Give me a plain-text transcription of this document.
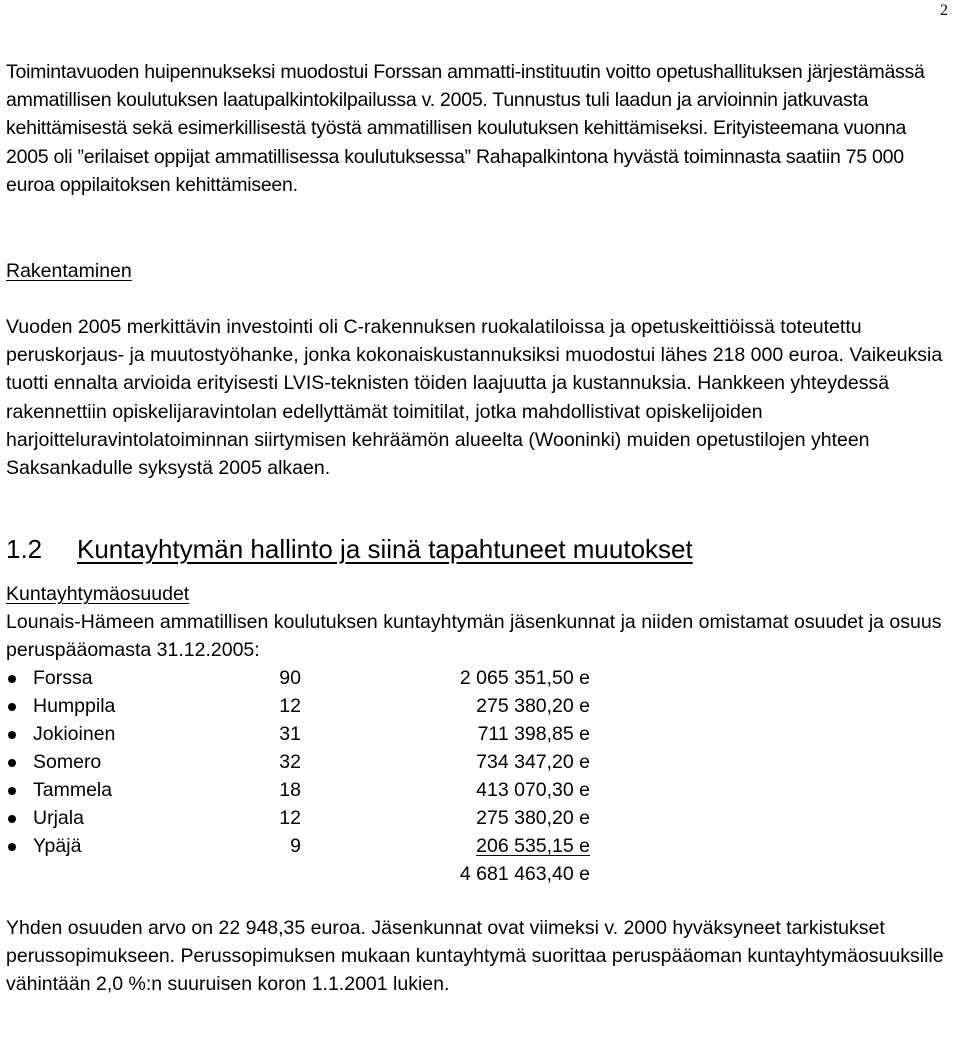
2

Toimintavuoden huipennukseksi muodostui Forssan ammatti-instituutin voitto opetushallituksen järjestämässä ammatillisen koulutuksen laatupalkintokilpailussa v. 2005. Tunnustus tuli laadun ja arvioinnin jatkuvasta kehittämisestä sekä esimerkillisestä työstä ammatillisen koulutuksen kehittämiseksi. Erityisteemana vuonna 2005 oli ”erilaiset oppijat ammatillisessa koulutuksessa” Rahapalkintona hyvästä toiminnasta saatiin 75 000 euroa oppilaitoksen kehittämiseen.

Rakentaminen

Vuoden 2005 merkittävin investointi oli C-rakennuksen ruokalatiloissa ja opetuskeittiöissä toteutettu peruskorjaus- ja muutostyöhanke, jonka kokonaiskustannuksiksi muodostui lähes 218 000 euroa. Vaikeuksia tuotti ennalta arvioida erityisesti LVIS-teknisten töiden laajuutta ja kustannuksia. Hankkeen yhteydessä rakennettiin opiskelijaravintolan edellyttämät toimitilat, jotka mahdollistivat opiskelijoiden harjoitteluravintolatoiminnan siirtymisen kehräämön alueelta (Wooninki) muiden opetustilojen yhteen Saksankadulle syksystä 2005 alkaen.

1.2	Kuntayhtymän hallinto ja siinä tapahtuneet muutokset
Kuntayhtymäosuudet

Lounais-Hämeen ammatillisen koulutuksen kuntayhtymän jäsenkunnat ja niiden omistamat osuudet ja osuus peruspääomasta 31.12.2005:

Forssa	90	2 065 351,50 e
Humppila	12	275 380,20 e
Jokioinen	31	711 398,85 e
Somero	32	734 347,20 e
Tammela	18	413 070,30 e
Urjala	12	275 380,20 e
Ypäjä	9	206 535,15 e
4 681 463,40 e

Yhden osuuden arvo on 22 948,35 euroa. Jäsenkunnat ovat viimeksi v. 2000 hyväksyneet tarkistukset perussopimukseen. Perussopimuksen mukaan kuntayhtymä suorittaa peruspääoman kuntayhtymäosuuksille vähintään 2,0 %:n suuruisen koron 1.1.2001 lukien.
